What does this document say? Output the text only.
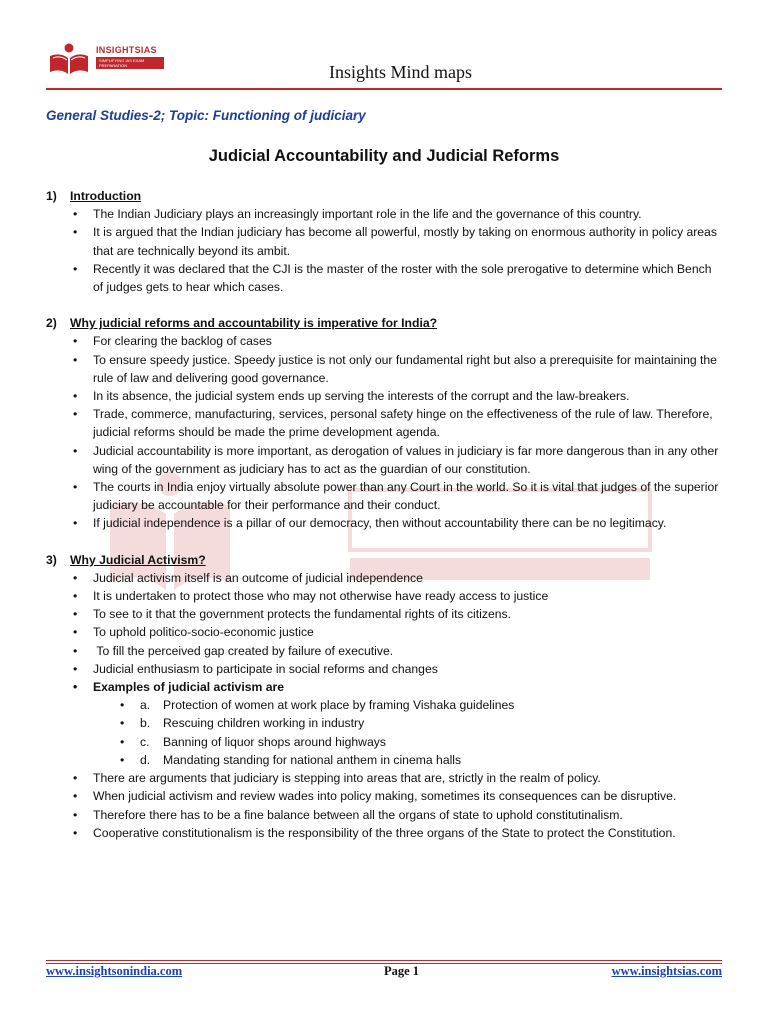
INSIGHTSIAS
SIMPLIFYING IAS EXAM PREPARATION	Insights Mind maps
General Studies-2; Topic: Functioning of judiciary
Judicial Accountability and Judicial Reforms
1)	Introduction
• The Indian Judiciary plays an increasingly important role in the life and the governance of this country.
• It is argued that the Indian judiciary has become all powerful, mostly by taking on enormous authority in policy areas that are technically beyond its ambit.
• Recently it was declared that the CJI is the master of the roster with the sole prerogative to determine which Bench of judges gets to hear which cases.
2)	Why judicial reforms and accountability is imperative for India?
• For clearing the backlog of cases
• To ensure speedy justice. Speedy justice is not only our fundamental right but also a prerequisite for maintaining the rule of law and delivering good governance.
• In its absence, the judicial system ends up serving the interests of the corrupt and the law-breakers.
• Trade, commerce, manufacturing, services, personal safety hinge on the effectiveness of the rule of law. Therefore, judicial reforms should be made the prime development agenda.
• Judicial accountability is more important, as derogation of values in judiciary is far more dangerous than in any other wing of the government as judiciary has to act as the guardian of our constitution.
• The courts in India enjoy virtually absolute power than any Court in the world. So it is vital that judges of the superior judiciary be accountable for their performance and their conduct.
• If judicial independence is a pillar of our democracy, then without accountability there can be no legitimacy.
3)	Why Judicial Activism?
• Judicial activism itself is an outcome of judicial independence
• It is undertaken to protect those who may not otherwise have ready access to justice
• To see to it that the government protects the fundamental rights of its citizens.
• To uphold politico-socio-economic justice
•  To fill the perceived gap created by failure of executive.
• Judicial enthusiasm to participate in social reforms and changes
• Examples of judicial activism are
• a. Protection of women at work place by framing Vishaka guidelines
• b. Rescuing children working in industry
• c. Banning of liquor shops around highways
• d. Mandating standing for national anthem in cinema halls
• There are arguments that judiciary is stepping into areas that are, strictly in the realm of policy.
• When judicial activism and review wades into policy making, sometimes its consequences can be disruptive.
• Therefore there has to be a fine balance between all the organs of state to uphold constitutinalism.
• Cooperative constitutionalism is the responsibility of the three organs of the State to protect the Constitution.
www.insightsonindia.com	Page 1	www.insightsias.com
